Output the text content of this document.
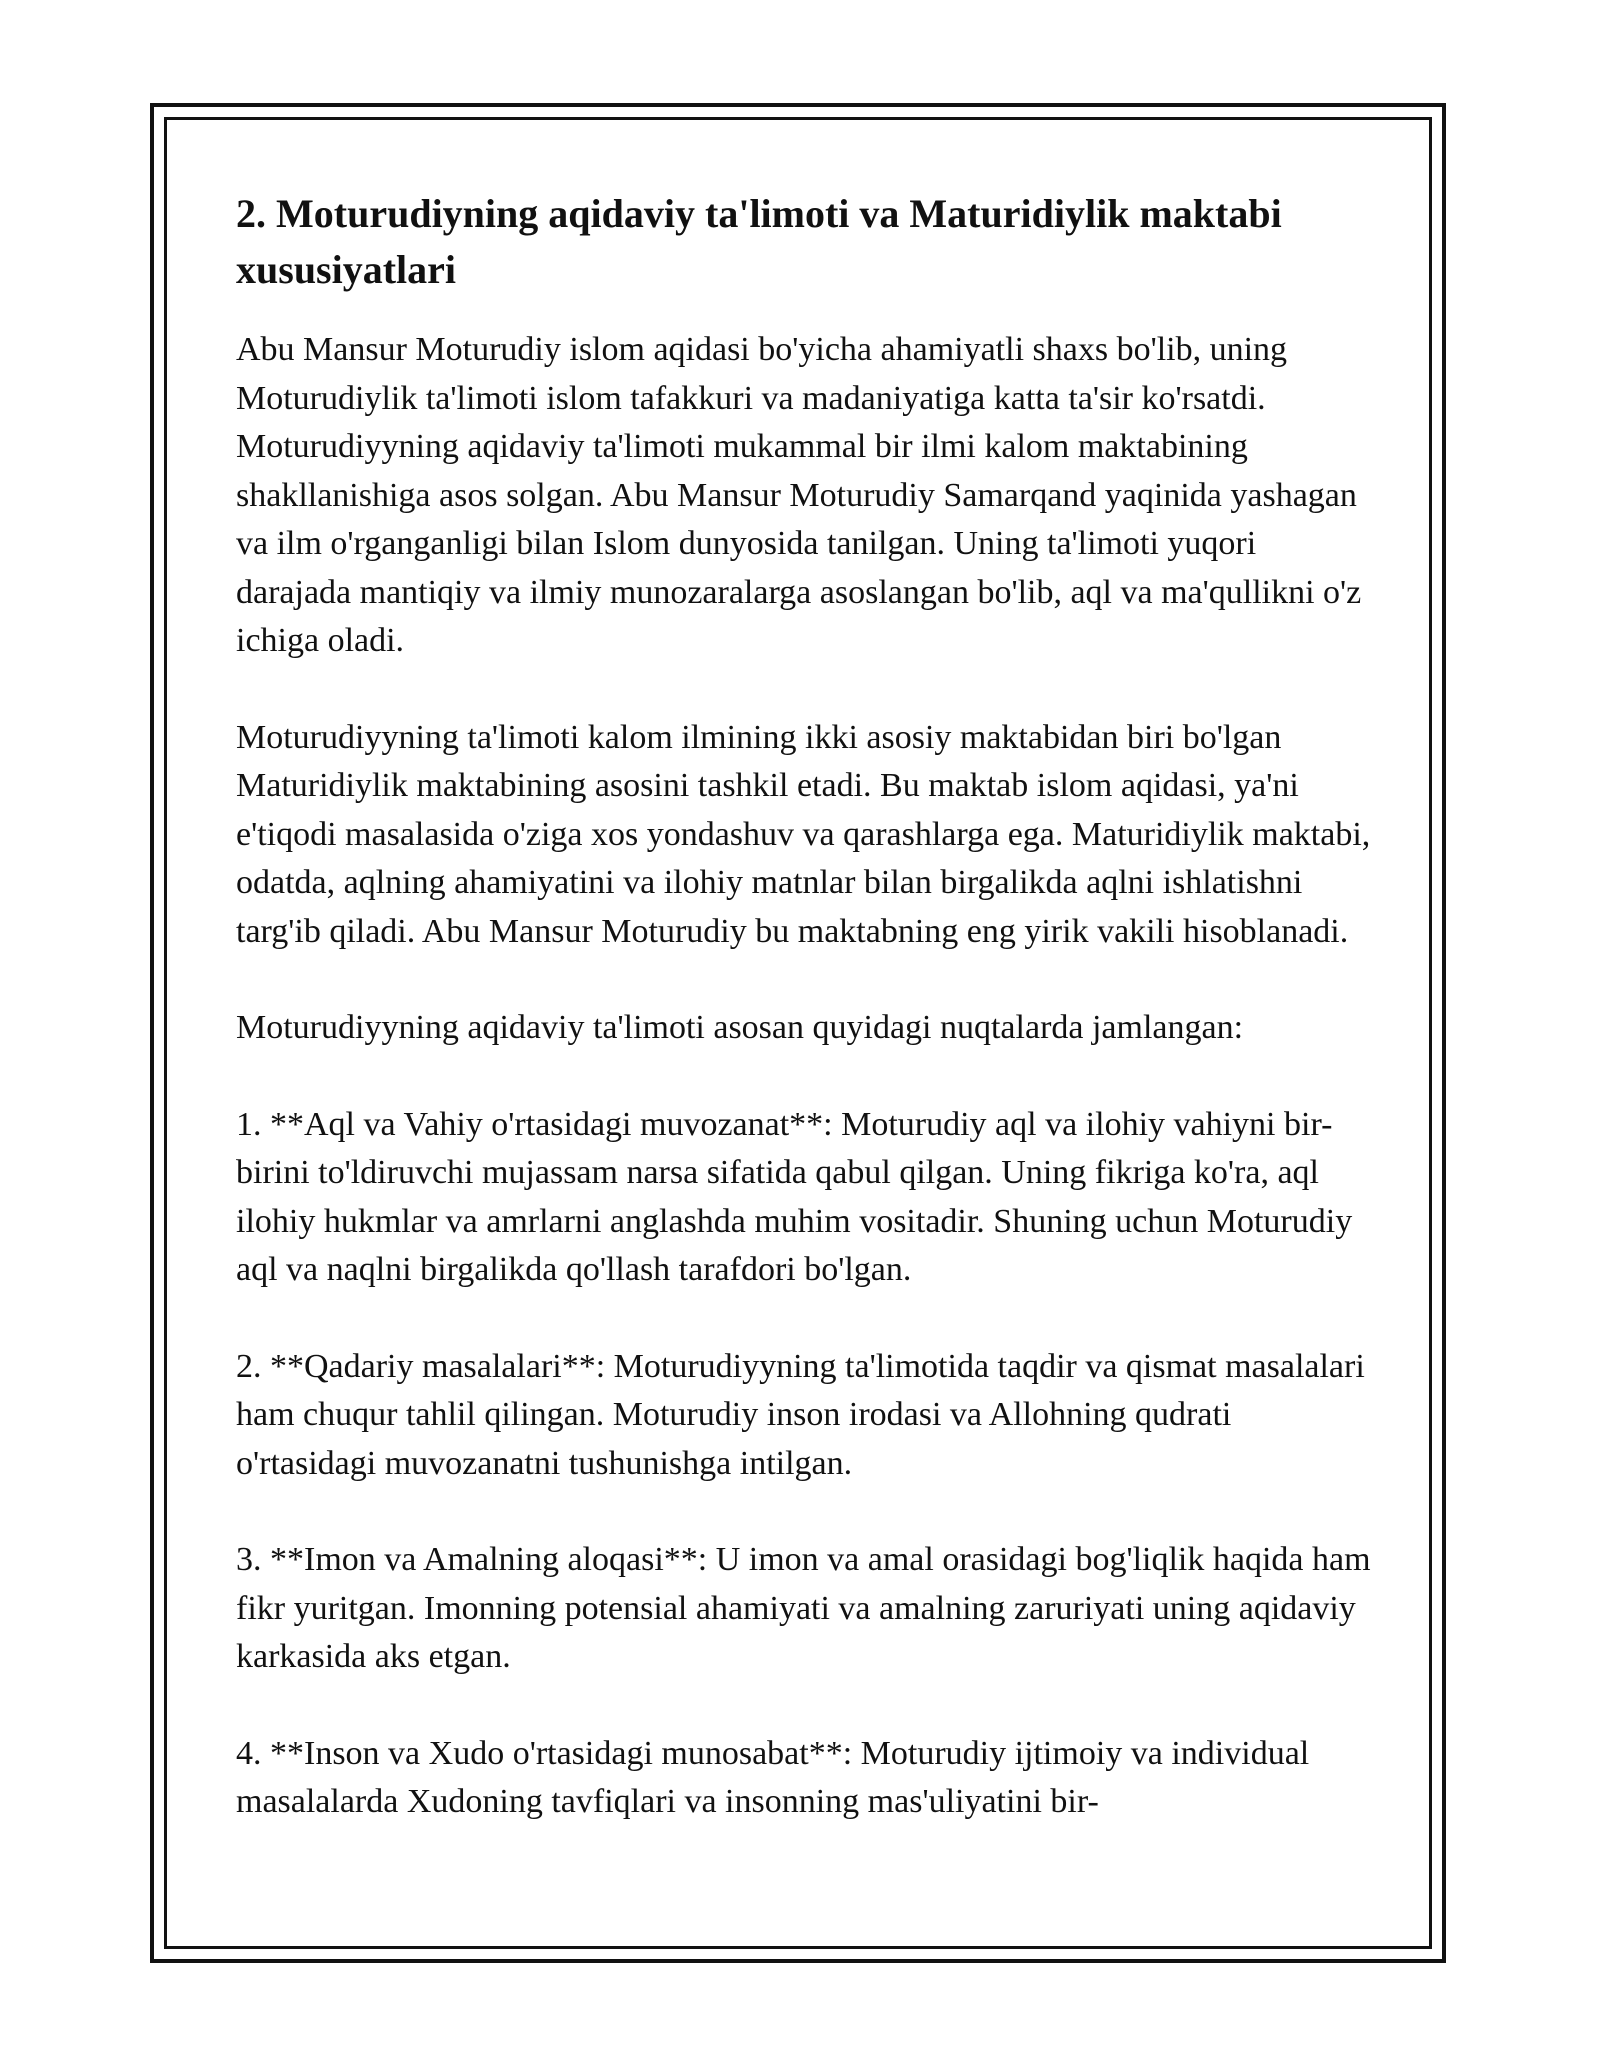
2. Moturudiyning aqidaviy ta'limoti va Maturidiylik maktabi xususiyatlari

Abu Mansur Moturudiy islom aqidasi bo'yicha ahamiyatli shaxs bo'lib, uning Moturudiylik ta'limoti islom tafakkuri va madaniyatiga katta ta'sir ko'rsatdi. Moturudiyyning aqidaviy ta'limoti mukammal bir ilmi kalom maktabining shakllanishiga asos solgan. Abu Mansur Moturudiy Samarqand yaqinida yashagan va ilm o'rganganligi bilan Islom dunyosida tanilgan. Uning ta'limoti yuqori darajada mantiqiy va ilmiy munozaralarga asoslangan bo'lib, aql va ma'qullikni o'z ichiga oladi.

Moturudiyyning ta'limoti kalom ilmining ikki asosiy maktabidan biri bo'lgan Maturidiylik maktabining asosini tashkil etadi. Bu maktab islom aqidasi, ya'ni e'tiqodi masalasida o'ziga xos yondashuv va qarashlarga ega. Maturidiylik maktabi, odatda, aqlning ahamiyatini va ilohiy matnlar bilan birgalikda aqlni ishlatishni targ'ib qiladi. Abu Mansur Moturudiy bu maktabning eng yirik vakili hisoblanadi.

Moturudiyyning aqidaviy ta'limoti asosan quyidagi nuqtalarda jamlangan:

1. **Aql va Vahiy o'rtasidagi muvozanat**: Moturudiy aql va ilohiy vahiyni bir-birini to'ldiruvchi mujassam narsa sifatida qabul qilgan. Uning fikriga ko'ra, aql ilohiy hukmlar va amrlarni anglashda muhim vositadir. Shuning uchun Moturudiy aql va naqlni birgalikda qo'llash tarafdori bo'lgan.

2. **Qadariy masalalari**: Moturudiyyning ta'limotida taqdir va qismat masalalari ham chuqur tahlil qilingan. Moturudiy inson irodasi va Allohning qudrati o'rtasidagi muvozanatni tushunishga intilgan.

3. **Imon va Amalning aloqasi**: U imon va amal orasidagi bog'liqlik haqida ham fikr yuritgan. Imonning potensial ahamiyati va amalning zaruriyati uning aqidaviy karkasida aks etgan.

4. **Inson va Xudo o'rtasidagi munosabat**: Moturudiy ijtimoiy va individual masalalarda Xudoning tavfiqlari va insonning mas'uliyatini bir-
